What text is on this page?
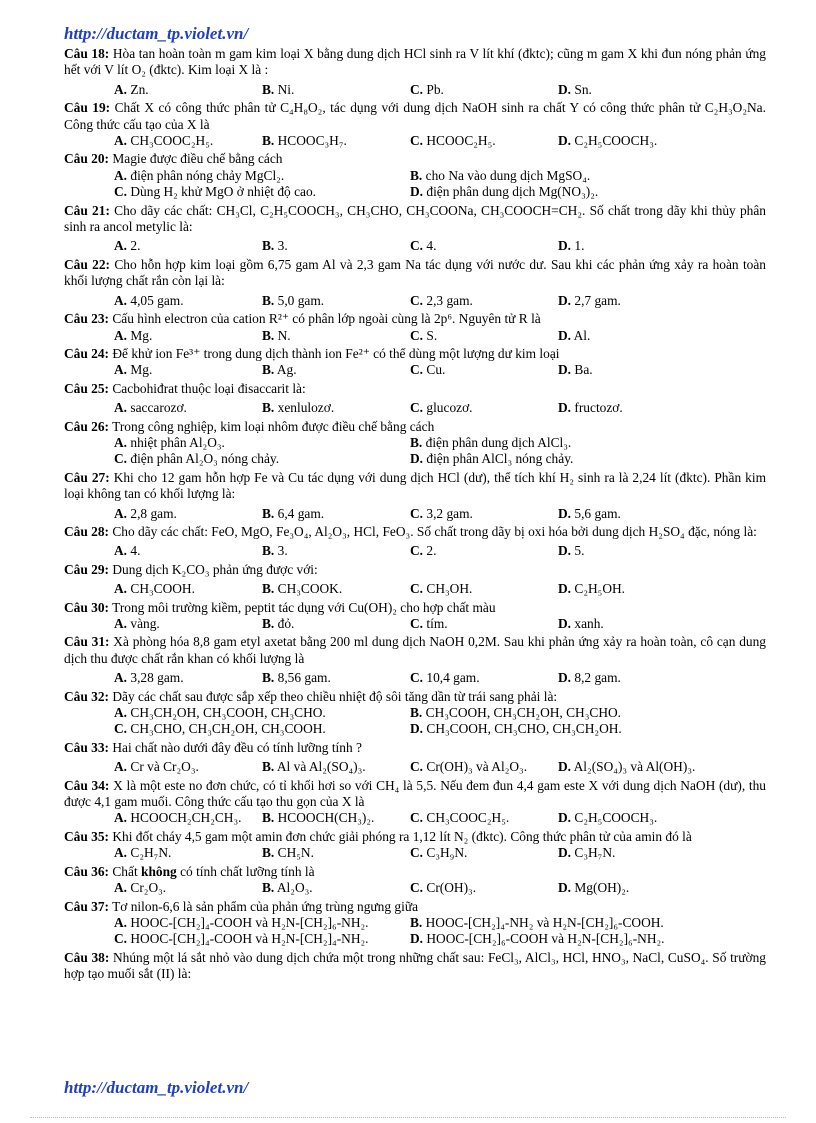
http://ductam_tp.violet.vn/
Câu 18: Hòa tan hoàn toàn m gam kim loại X bằng dung dịch HCl sinh ra V lít khí (đktc); cũng m gam X khi đun nóng phản ứng hết với V lít O₂ (đktc). Kim loại X là :
A. Zn.	B. Ni.	C. Pb.	D. Sn.
Câu 19: Chất X có công thức phân tử C₄H₈O₂, tác dụng với dung dịch NaOH sinh ra chất Y có công thức phân tử C₂H₃O₂Na. Công thức cấu tạo của X là
A. CH₃COOC₂H₅.	B. HCOOC₃H₇.	C. HCOOC₂H₅.	D. C₂H₅COOCH₃.
Câu 20: Magie được điều chế bằng cách
A. điện phân nóng chảy MgCl₂.	B. cho Na vào dung dịch MgSO₄.
C. Dùng H₂ khử MgO ở nhiệt độ cao.	D. điện phân dung dịch Mg(NO₃)₂.
Câu 21: Cho dãy các chất: CH₃Cl, C₂H₅COOCH₃, CH₃CHO, CH₃COONa, CH₃COOCH=CH₂. Số chất trong dãy khi thủy phân sinh ra ancol metylic là:
A. 2.	B. 3.	C. 4.	D. 1.
Câu 22: Cho hỗn hợp kim loại gồm 6,75 gam Al và 2,3 gam Na tác dụng với nước dư. Sau khi các phản ứng xảy ra hoàn toàn khối lượng chất rắn còn lại là:
A. 4,05 gam.	B. 5,0 gam.	C. 2,3 gam.	D. 2,7 gam.
Câu 23: Cấu hình electron của cation R²⁺ có phân lớp ngoài cùng là 2p⁶. Nguyên tử R là
A. Mg.	B. N.	C. S.	D. Al.
Câu 24: Để khử ion Fe³⁺ trong dung dịch thành ion Fe²⁺ có thể dùng một lượng dư kim loại
A. Mg.	B. Ag.	C. Cu.	D. Ba.
Câu 25: Cacbohiđrat thuộc loại đisaccarit là:
A. saccarozơ.	B. xenlulozơ.	C. glucozơ.	D. fructozơ.
Câu 26: Trong công nghiệp, kim loại nhôm được điều chế bằng cách
A. nhiệt phân Al₂O₃.	B. điện phân dung dịch AlCl₃.
C. điện phân Al₂O₃ nóng chảy.	D. điện phân AlCl₃ nóng chảy.
Câu 27: Khi cho 12 gam hỗn hợp Fe và Cu tác dụng với dung dịch HCl (dư), thể tích khí H₂ sinh ra là 2,24 lít (đktc). Phần kim loại không tan có khối lượng là:
A. 2,8 gam.	B. 6,4 gam.	C. 3,2 gam.	D. 5,6 gam.
Câu 28: Cho dãy các chất: FeO, MgO, Fe₃O₄, Al₂O₃, HCl, FeO₃. Số chất trong dãy bị oxi hóa bởi dung dịch H₂SO₄ đặc, nóng là:
A. 4.	B. 3.	C. 2.	D. 5.
Câu 29: Dung dịch K₂CO₃ phản ứng được với:
A. CH₃COOH.	B. CH₃COOK.	C. CH₃OH.	D. C₂H₅OH.
Câu 30: Trong môi trường kiềm, peptit tác dụng với Cu(OH)₂ cho hợp chất màu
A. vàng.	B. đỏ.	C. tím.	D. xanh.
Câu 31: Xà phòng hóa 8,8 gam etyl axetat bằng 200 ml dung dịch NaOH 0,2M. Sau khi phản ứng xảy ra hoàn toàn, cô cạn dung dịch thu được chất rắn khan có khối lượng là
A. 3,28 gam.	B. 8,56 gam.	C. 10,4 gam.	D. 8,2 gam.
Câu 32: Dãy các chất sau được sắp xếp theo chiều nhiệt độ sôi tăng dần từ trái sang phải là:
A. CH₃CH₂OH, CH₃COOH, CH₃CHO.	B. CH₃COOH, CH₃CH₂OH, CH₃CHO.
C. CH₃CHO, CH₃CH₂OH, CH₃COOH.	D. CH₃COOH, CH₃CHO, CH₃CH₂OH.
Câu 33: Hai chất nào dưới đây đều có tính lưỡng tính ?
A. Cr và Cr₂O₃.	B. Al và Al₂(SO₄)₃.	C. Cr(OH)₃ và Al₂O₃.	D. Al₂(SO₄)₃ và Al(OH)₃.
Câu 34: X là một este no đơn chức, có tỉ khối hơi so với CH₄ là 5,5. Nếu đem đun 4,4 gam este X với dung dịch NaOH (dư), thu được 4,1 gam muối. Công thức cấu tạo thu gọn của X là
A. HCOOCH₂CH₂CH₃.	B. HCOOCH(CH₃)₂.	C. CH₃COOC₂H₅.	D. C₂H₅COOCH₃.
Câu 35: Khi đốt cháy 4,5 gam một amin đơn chức giải phóng ra 1,12 lít N₂ (đktc). Công thức phân tử của amin đó là
A. C₂H₇N.	B. CH₅N.	C. C₃H₉N.	D. C₃H₇N.
Câu 36: Chất không có tính chất lưỡng tính là
A. Cr₂O₃.	B. Al₂O₃.	C. Cr(OH)₃.	D. Mg(OH)₂.
Câu 37: Tơ nilon-6,6 là sản phẩm của phản ứng trùng ngưng giữa
A. HOOC-[CH₂]₄-COOH và H₂N-[CH₂]₆-NH₂.	B. HOOC-[CH₂]₄-NH₂ và H₂N-[CH₂]₆-COOH.
C. HOOC-[CH₂]₄-COOH và H₂N-[CH₂]₄-NH₂.	D. HOOC-[CH₂]₆-COOH và H₂N-[CH₂]₆-NH₂.
Câu 38: Nhúng một lá sắt nhỏ vào dung dịch chứa một trong những chất sau: FeCl₃, AlCl₃, HCl, HNO₃, NaCl, CuSO₄. Số trường hợp tạo muối sắt (II) là:
http://ductam_tp.violet.vn/
